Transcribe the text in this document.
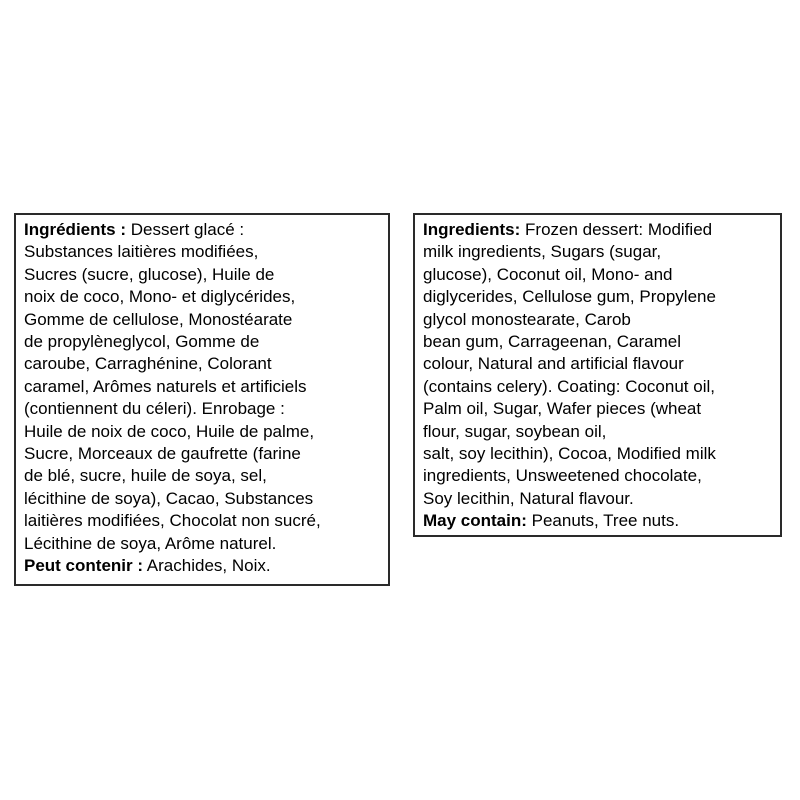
Ingrédients : Dessert glacé :
Substances laitières modifiées,
Sucres (sucre, glucose), Huile de
noix de coco, Mono- et diglycérides,
Gomme de cellulose, Monostéarate
de propylèneglycol, Gomme de
caroube, Carraghénine, Colorant
caramel, Arômes naturels et artificiels
(contiennent du céleri). Enrobage :
Huile de noix de coco, Huile de palme,
Sucre, Morceaux de gaufrette (farine
de blé, sucre, huile de soya, sel,
lécithine de soya), Cacao, Substances
laitières modifiées, Chocolat non sucré,
Lécithine de soya, Arôme naturel.
Peut contenir : Arachides, Noix.
Ingredients: Frozen dessert: Modified
milk ingredients, Sugars (sugar,
glucose), Coconut oil, Mono- and
diglycerides, Cellulose gum, Propylene
glycol monostearate, Carob
bean gum, Carrageenan, Caramel
colour, Natural and artificial flavour
(contains celery). Coating: Coconut oil,
Palm oil, Sugar, Wafer pieces (wheat
flour, sugar, soybean oil,
salt, soy lecithin), Cocoa, Modified milk
ingredients, Unsweetened chocolate,
Soy lecithin, Natural flavour.
May contain: Peanuts, Tree nuts.
